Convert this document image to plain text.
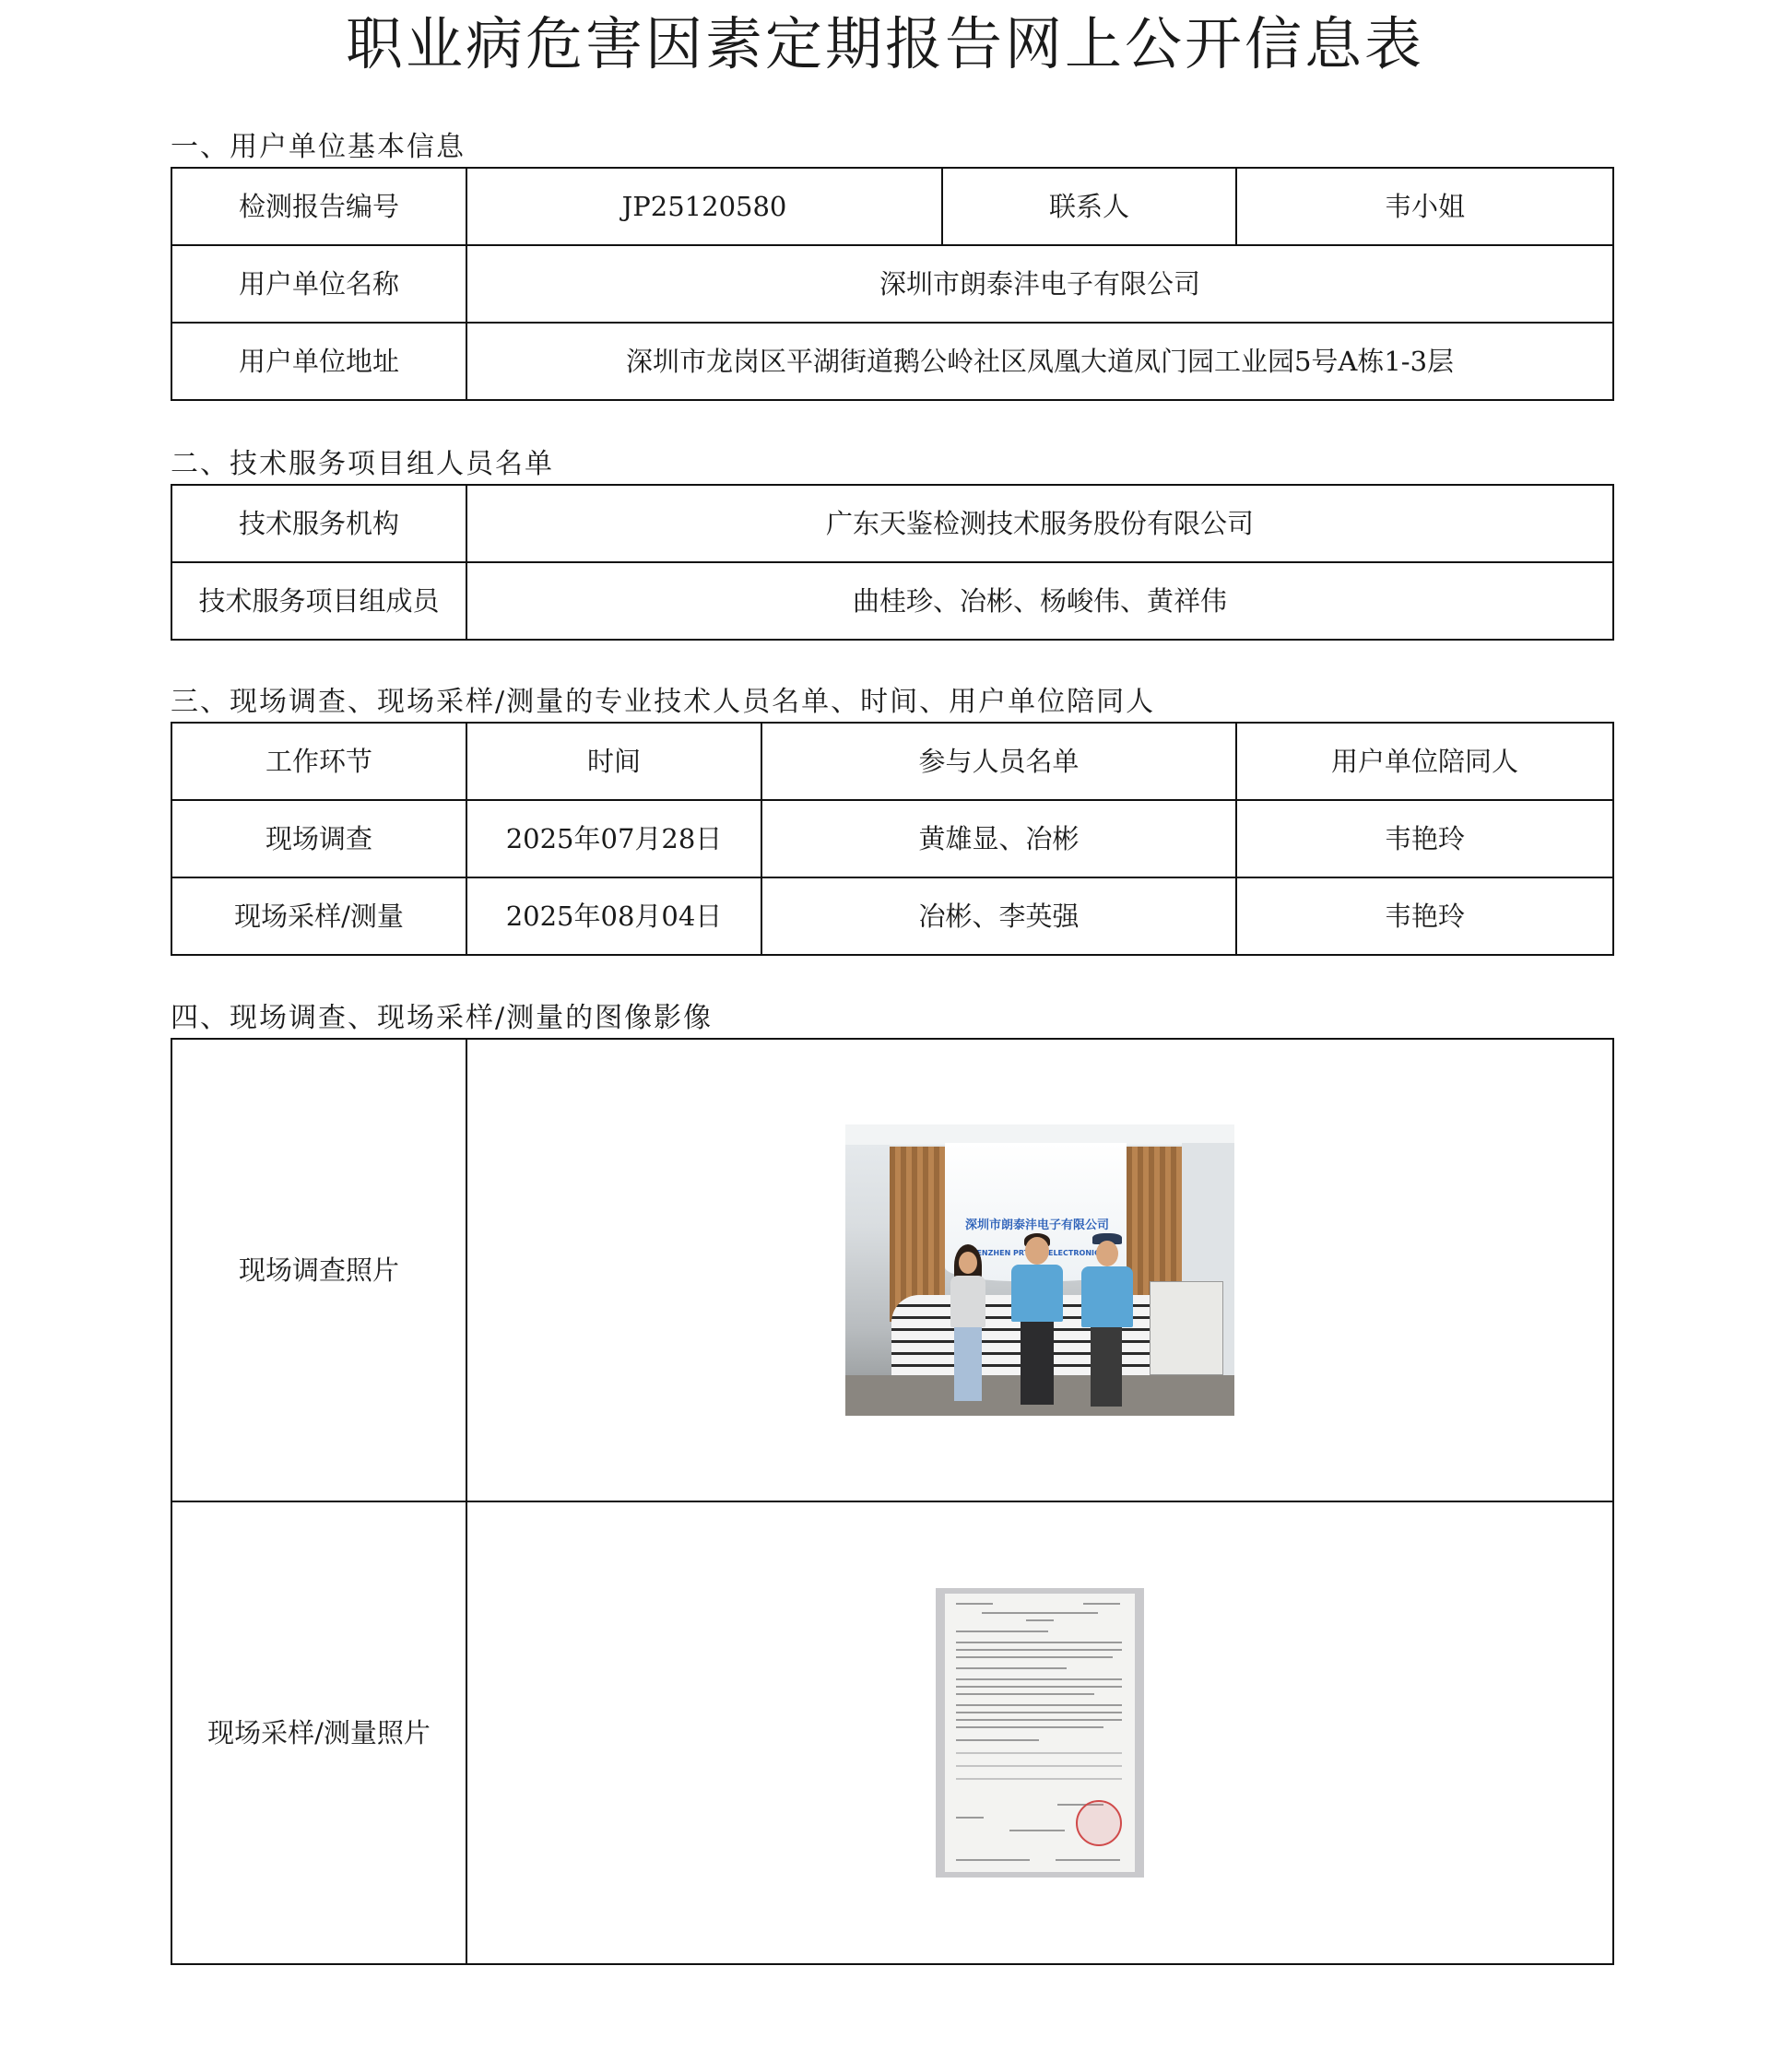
职业病危害因素定期报告网上公开信息表
一、用户单位基本信息
检测报告编号	JP25120580	联系人	韦小姐
用户单位名称	深圳市朗泰沣电子有限公司		
用户单位地址	深圳市龙岗区平湖街道鹅公岭社区凤凰大道凤门园工业园5号A栋1-3层		
二、技术服务项目组人员名单
技术服务机构	广东天鉴检测技术服务股份有限公司
技术服务项目组成员	曲桂珍、冶彬、杨峻伟、黄祥伟
三、现场调查、现场采样/测量的专业技术人员名单、时间、用户单位陪同人
工作环节	时间	参与人员名单	用户单位陪同人
现场调查	2025年07月28日	黄雄显、冶彬	韦艳玲
现场采样/测量	2025年08月04日	冶彬、李英强	韦艳玲
四、现场调查、现场采样/测量的图像影像
现场调查照片	深圳市朗泰沣电子有限公司
SHENZHEN ELECTRONICS

现场采样/测量照片	
